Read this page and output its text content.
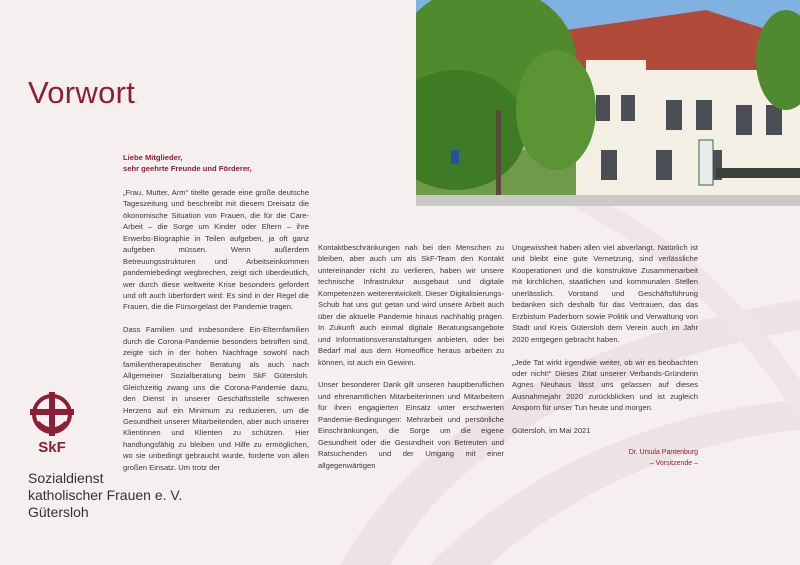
Vorwort

Liebe Mitglieder,
sehr geehrte Freunde und Förderer,

„Frau, Mutter, Arm“ titelte gerade eine große deutsche Tageszeitung und beschreibt mit diesem Dreisatz die ökonomische Situation von Frauen, die für die Care-Arbeit – die Sorge um Kinder oder Eltern – ihre Erwerbs-Biographie in Teilen aufgeben, ja oft ganz aufgeben müssen. Wenn außerdem Betreuungsstrukturen und Arbeitseinkommen pandemiebedingt wegbrechen, zeigt sich überdeutlich, wer durch diese weltweite Krise besonders gefordert und oft auch überfordert wird: Es sind in der Regel die Frauen, die die Fürsorgelast der Pandemie tragen.

Dass Familien und insbesondere Ein-Elternfamilien durch die Corona-Pandemie besonders betroffen sind, zeigte sich in der hohen Nachfrage sowohl nach familientherapeutischer Beratung als auch nach Allgemeiner Sozialberatung beim SkF Gütersloh. Gleichzeitig zwang uns die Corona-Pandemie dazu, den Dienst in unserer Geschäftsstelle schweren Herzens auf ein Minimum zu reduzieren, um die Gesundheit unserer Mitarbeitenden, aber auch unserer Klientinnen und Klienten zu schützen. Hier handlungsfähig zu bleiben und Hilfe zu ermöglichen, wo sie unbedingt gebraucht wurde, forderte von allen großen Einsatz. Um trotz der

Kontaktbeschränkungen nah bei den Menschen zu bleiben, aber auch um als SkF-Team den Kontakt untereinander nicht zu verlieren, haben wir unsere technische Infrastruktur ausgebaut und digitale Kompetenzen weiterentwickelt. Dieser Digitalisierungs-Schub hat uns gut getan und wird unsere Arbeit auch über die aktuelle Pandemie hinaus nachhaltig prägen. In Zukunft auch einmal digitale Beratungsangebote und Informationsveranstaltungen anbieten, oder bei Bedarf mal aus dem Homeoffice heraus arbeiten zu können, ist auch ein Gewinn.

Unser besonderer Dank gilt unseren hauptberuflichen und ehrenamtlichen Mitarbeiterinnen und Mitarbeitern für ihren engagierten Einsatz unter erschwerten Pandemie-Bedingungen: Mehrarbeit und persönliche Einschränkungen, die Sorge um die eigene Gesundheit oder die Gesundheit von Betreuten und Ratsuchenden und der Umgang mit einer allgegenwärtigen

Ungewissheit haben allen viel abverlangt. Natürlich ist und bleibt eine gute Vernetzung, sind verlässliche Kooperationen und die konstruktive Zusammenarbeit mit kirchlichen, staatlichen und kommunalen Stellen unerlässlich. Vorstand und Geschäftsführung bedanken sich deshalb für das Vertrauen, das das Erzbistum Paderborn sowie Politik und Verwaltung von Stadt und Kreis Gütersloh dem Verein auch im Jahr 2020 entgegen gebracht haben.

„Jede Tat wirkt irgendwie weiter, ob wir es beobachten oder nicht!“ Dieses Zitat unserer Verbands-Gründerin Agnes Neuhaus lässt uns gelassen auf dieses Ausnahmejahr 2020 zurückblicken und ist zugleich Ansporn für unser Tun heute und morgen.

Gütersloh, im Mai 2021

Dr. Ursula Pantenburg
– Vorsitzende –
SkF
Sozialdienst
katholischer Frauen e. V.
Gütersloh
